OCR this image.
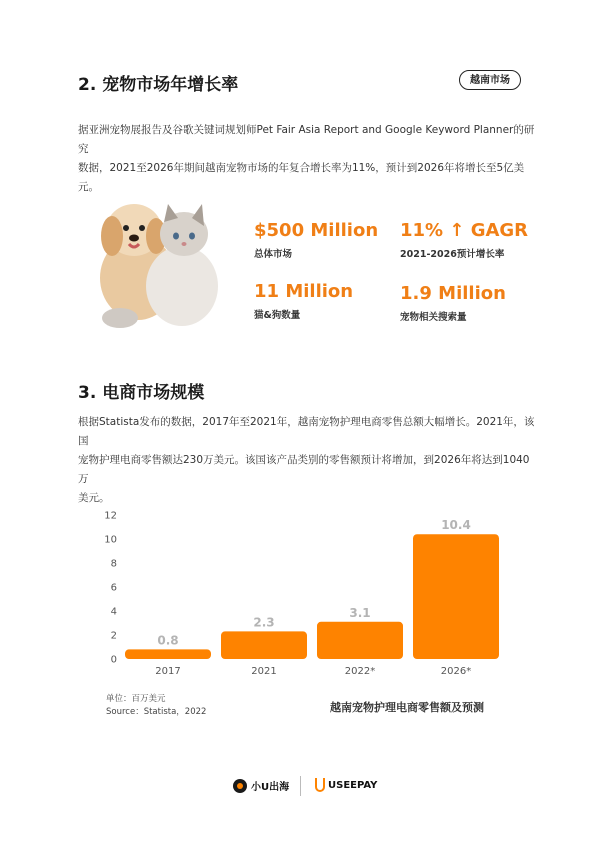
2. 宠物市场年增长率	越南市场
据亚洲宠物展报告及谷歌关键词规划师Pet Fair Asia Report and Google Keyword Planner的研究
数据，2021至2026年期间越南宠物市场的年复合增长率为11%，预计到2026年将增长至5亿美元。
$500 Million
总体市场
11% ↑ GAGR
2021-2026预计增长率
11 Million
猫&狗数量
1.9 Million
宠物相关搜索量
3. 电商市场规模
根据Statista发布的数据，2017年至2021年，越南宠物护理电商零售总额大幅增长。2021年，该国
宠物护理电商零售额达230万美元。该国该产品类别的零售额预计将增加，到2026年将达到1040万
美元。
0
2
4
6
8
10
12
0.8
2017
2.3
2021
3.1
2022*
10.4
2026*
单位：百万美元
Source：Statista，2022	越南宠物护理电商零售额及预测
小U出海	USEEPAY
